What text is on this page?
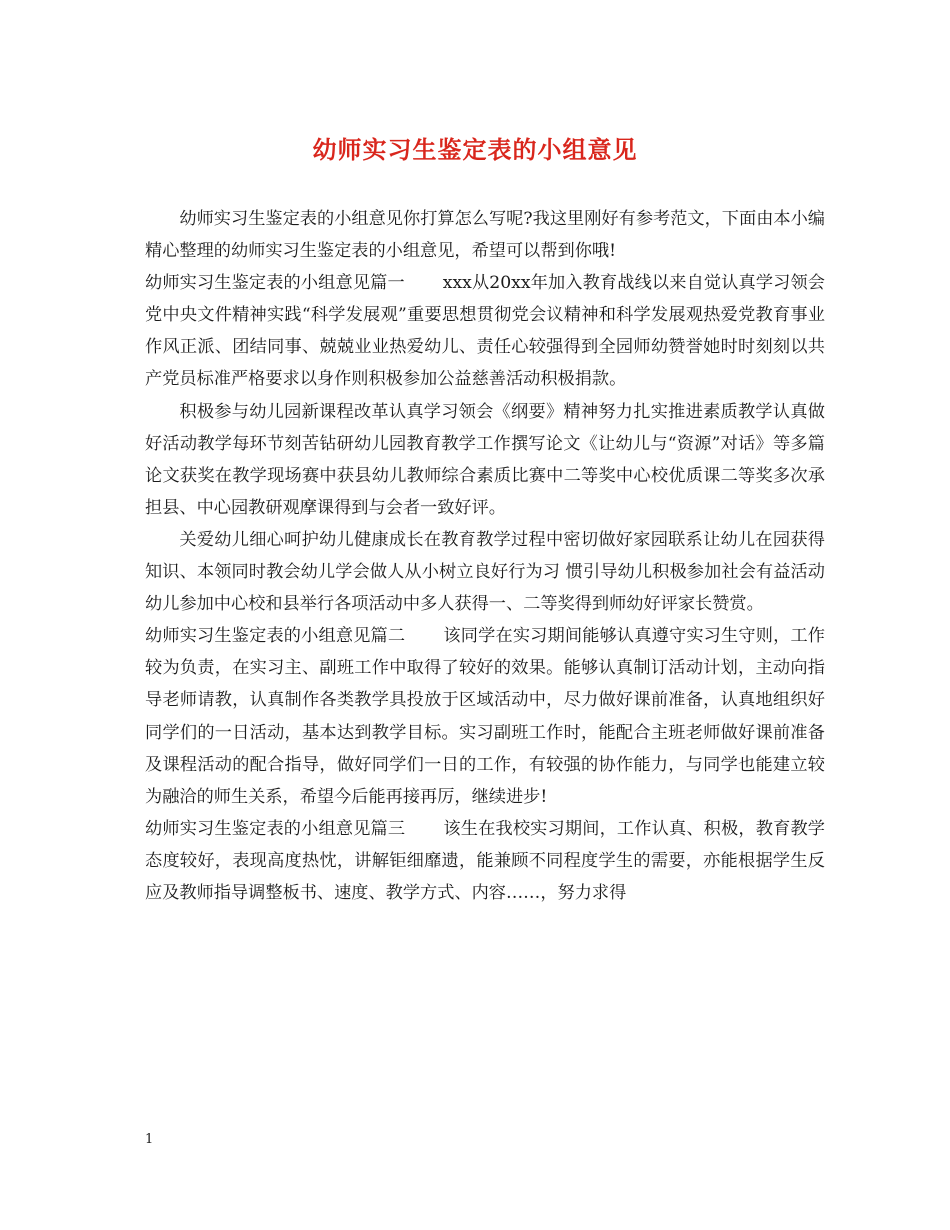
幼师实习生鉴定表的小组意见

幼师实习生鉴定表的小组意见你打算怎么写呢?我这里刚好有参考范文，下面由本小编精心整理的幼师实习生鉴定表的小组意见，希望可以帮到你哦!

幼师实习生鉴定表的小组意见篇一 xxx从20xx年加入教育战线以来自觉认真学习领会党中央文件精神实践“科学发展观”重要思想贯彻党会议精神和科学发展观热爱党教育事业作风正派、团结同事、兢兢业业热爱幼儿、责任心较强得到全园师幼赞誉她时时刻刻以共产党员标准严格要求以身作则积极参加公益慈善活动积极捐款。

积极参与幼儿园新课程改革认真学习领会《纲要》精神努力扎实推进素质教学认真做好活动教学每环节刻苦钻研幼儿园教育教学工作撰写论文《让幼儿与“资源”对话》等多篇论文获奖在教学现场赛中获县幼儿教师综合素质比赛中二等奖中心校优质课二等奖多次承担县、中心园教研观摩课得到与会者一致好评。

关爱幼儿细心呵护幼儿健康成长在教育教学过程中密切做好家园联系让幼儿在园获得知识、本领同时教会幼儿学会做人从小树立良好行为习 惯引导幼儿积极参加社会有益活动幼儿参加中心校和县举行各项活动中多人获得一、二等奖得到师幼好评家长赞赏。

幼师实习生鉴定表的小组意见篇二 该同学在实习期间能够认真遵守实习生守则，工作较为负责，在实习主、副班工作中取得了较好的效果。能够认真制订活动计划，主动向指导老师请教，认真制作各类教学具投放于区域活动中，尽力做好课前准备，认真地组织好同学们的一日活动，基本达到教学目标。实习副班工作时，能配合主班老师做好课前准备及课程活动的配合指导，做好同学们一日的工作，有较强的协作能力，与同学也能建立较为融洽的师生关系，希望今后能再接再厉，继续进步!

幼师实习生鉴定表的小组意见篇三 该生在我校实习期间，工作认真、积极，教育教学态度较好，表现高度热忱，讲解钜细靡遗，能兼顾不同程度学生的需要，亦能根据学生反应及教师指导调整板书、速度、教学方式、内容……，努力求得

1
